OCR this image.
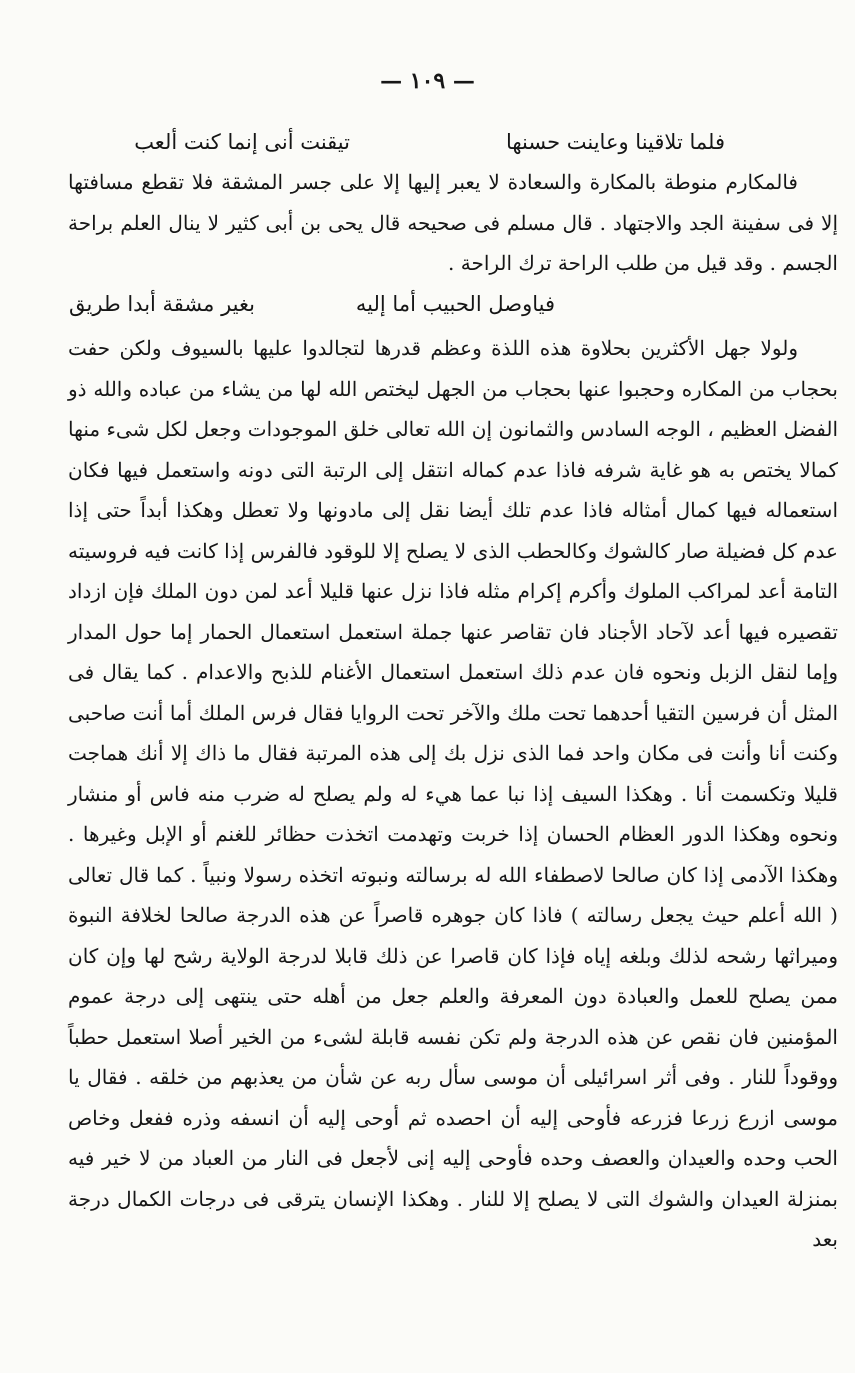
— ١٠٩ —
فلما تلاقينا وعاينت حسنها
تيقنت أنى إنما كنت ألعب

فالمكارم منوطة بالمكارة والسعادة لا يعبر إليها إلا على جسر المشقة فلا تقطع مسافتها إلا فى سفينة الجد والاجتهاد . قال مسلم فى صحيحه قال يحى بن أبى كثير لا ينال العلم براحة الجسم . وقد قيل من طلب الراحة ترك الراحة .

فياوصل الحبيب أما إليه
بغير مشقة أبدا طريق

ولولا جهل الأكثرين بحلاوة هذه اللذة وعظم قدرها لتجالدوا عليها بالسيوف ولكن حفت بحجاب من المكاره وحجبوا عنها بحجاب من الجهل ليختص الله لها من يشاء من عباده والله ذو الفضل العظيم ، الوجه السادس والثمانون إن الله تعالى خلق الموجودات وجعل لكل شىء منها كمالا يختص به هو غاية شرفه فاذا عدم كماله انتقل إلى الرتبة التى دونه واستعمل فيها فكان استعماله فيها كمال أمثاله فاذا عدم تلك أيضا نقل إلى مادونها ولا تعطل وهكذا أبداً حتى إذا عدم كل فضيلة صار كالشوك وكالحطب الذى لا يصلح إلا للوقود فالفرس إذا كانت فيه فروسيته التامة أعد لمراكب الملوك وأكرم إكرام مثله فاذا نزل عنها قليلا أعد لمن دون الملك فإن ازداد تقصيره فيها أعد لآحاد الأجناد فان تقاصر عنها جملة استعمل استعمال الحمار إما حول المدار وإما لنقل الزبل ونحوه فان عدم ذلك استعمل استعمال الأغنام للذبح والاعدام . كما يقال فى المثل أن فرسين التقيا أحدهما تحت ملك والآخر تحت الروايا فقال فرس الملك أما أنت صاحبى وكنت أنا وأنت فى مكان واحد فما الذى نزل بك إلى هذه المرتبة فقال ما ذاك إلا أنك هماجت قليلا وتكسمت أنا . وهكذا السيف إذا نبا عما هيء له ولم يصلح له ضرب منه فاس أو منشار ونحوه وهكذا الدور العظام الحسان إذا خربت وتهدمت اتخذت حظائر للغنم أو الإبل وغيرها . وهكذا الآدمى إذا كان صالحا لاصطفاء الله له برسالته ونبوته اتخذه رسولا ونبياً . كما قال تعالى ( الله أعلم حيث يجعل رسالته ) فاذا كان جوهره قاصراً عن هذه الدرجة صالحا لخلافة النبوة وميراثها رشحه لذلك وبلغه إياه فإذا كان قاصرا عن ذلك قابلا لدرجة الولاية رشح لها وإن كان ممن يصلح للعمل والعبادة دون المعرفة والعلم جعل من أهله حتى ينتهى إلى درجة عموم المؤمنين فان نقص عن هذه الدرجة ولم تكن نفسه قابلة لشىء من الخير أصلا استعمل حطباً ووقوداً للنار . وفى أثر اسرائيلى أن موسى سأل ربه عن شأن من يعذبهم من خلقه . فقال يا موسى ازرع زرعا فزرعه فأوحى إليه أن احصده ثم أوحى إليه أن انسفه وذره ففعل وخاص الحب وحده والعيدان والعصف وحده فأوحى إليه إنى لأجعل فى النار من العباد من لا خير فيه بمنزلة العيدان والشوك التى لا يصلح إلا للنار . وهكذا الإنسان يترقى فى درجات الكمال درجة بعد
